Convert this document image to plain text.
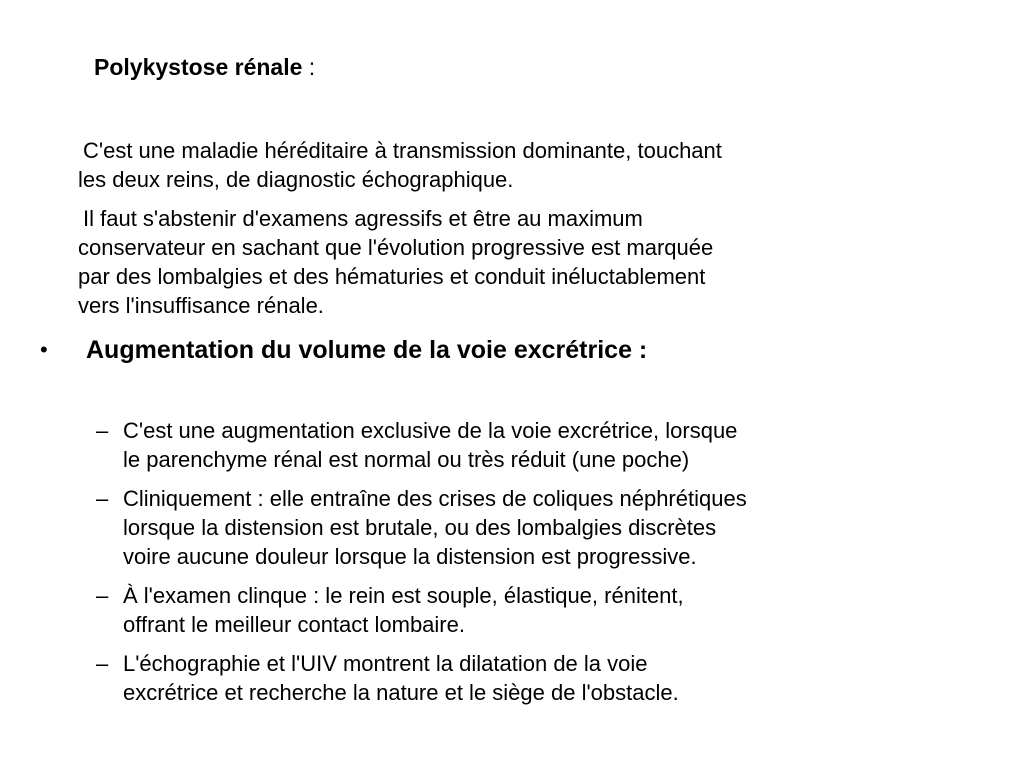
Polykystose rénale :
C'est une maladie héréditaire à transmission dominante, touchant
les deux reins, de diagnostic échographique.
Il faut s'abstenir d'examens agressifs et être au maximum
conservateur en sachant que l'évolution progressive est marquée
par des lombalgies et des hématuries et conduit inéluctablement
vers l'insuffisance rénale.
• Augmentation du volume de la voie excrétrice :
– C'est une augmentation exclusive de la voie excrétrice, lorsque
le parenchyme rénal est normal ou très réduit (une poche)
– Cliniquement : elle entraîne des crises de coliques néphrétiques
lorsque la distension est brutale, ou des lombalgies discrètes
voire aucune douleur lorsque la distension est progressive.
– À l'examen clinque : le rein est souple, élastique, rénitent,
offrant le meilleur contact lombaire.
– L'échographie et l'UIV montrent la dilatation de la voie
excrétrice et recherche la nature et le siège de l'obstacle.
